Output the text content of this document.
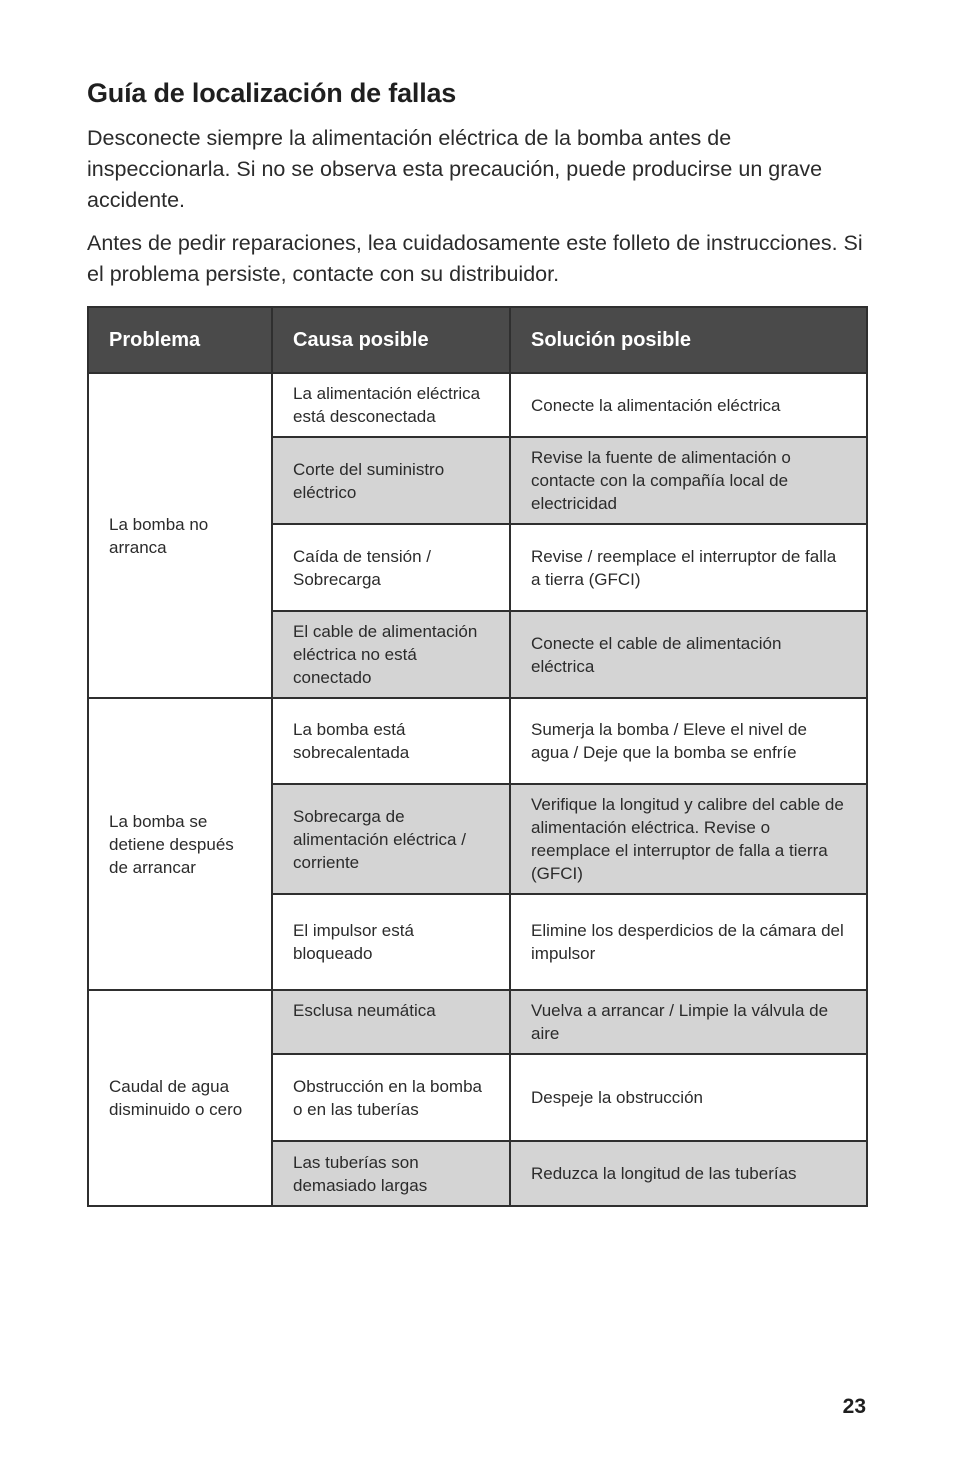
Guía de localización de fallas

Desconecte siempre la alimentación eléctrica de la bomba antes de inspeccionarla. Si no se observa esta precaución, puede producirse un grave accidente.

Antes de pedir reparaciones, lea cuidadosamente este folleto de instrucciones. Si el problema persiste, contacte con su distribuidor.

Problema	Causa posible	Solución posible
La bomba no arranca	La alimentación eléctrica está desconectada	Conecte la alimentación eléctrica
	Corte del suministro eléctrico	Revise la fuente de alimentación o contacte con la compañía local de electricidad
	Caída de tensión / Sobrecarga	Revise / reemplace el interruptor de falla a tierra (GFCI)
	El cable de alimentación eléctrica no está conectado	Conecte el cable de alimentación eléctrica
La bomba se detiene después de arrancar	La bomba está sobrecalentada	Sumerja la bomba / Eleve el nivel de agua / Deje que la bomba se enfríe
	Sobrecarga de alimentación eléctrica / corriente	Verifique la longitud y calibre del cable de alimentación eléctrica. Revise o reemplace el interruptor de falla a tierra (GFCI)
	El impulsor está bloqueado	Elimine los desperdicios de la cámara del impulsor
Caudal de agua disminuido o cero	Esclusa neumática	Vuelva a arrancar / Limpie la válvula de aire
	Obstrucción en la bomba o en las tuberías	Despeje la obstrucción
	Las tuberías son demasiado largas	Reduzca la longitud de las tuberías
23
